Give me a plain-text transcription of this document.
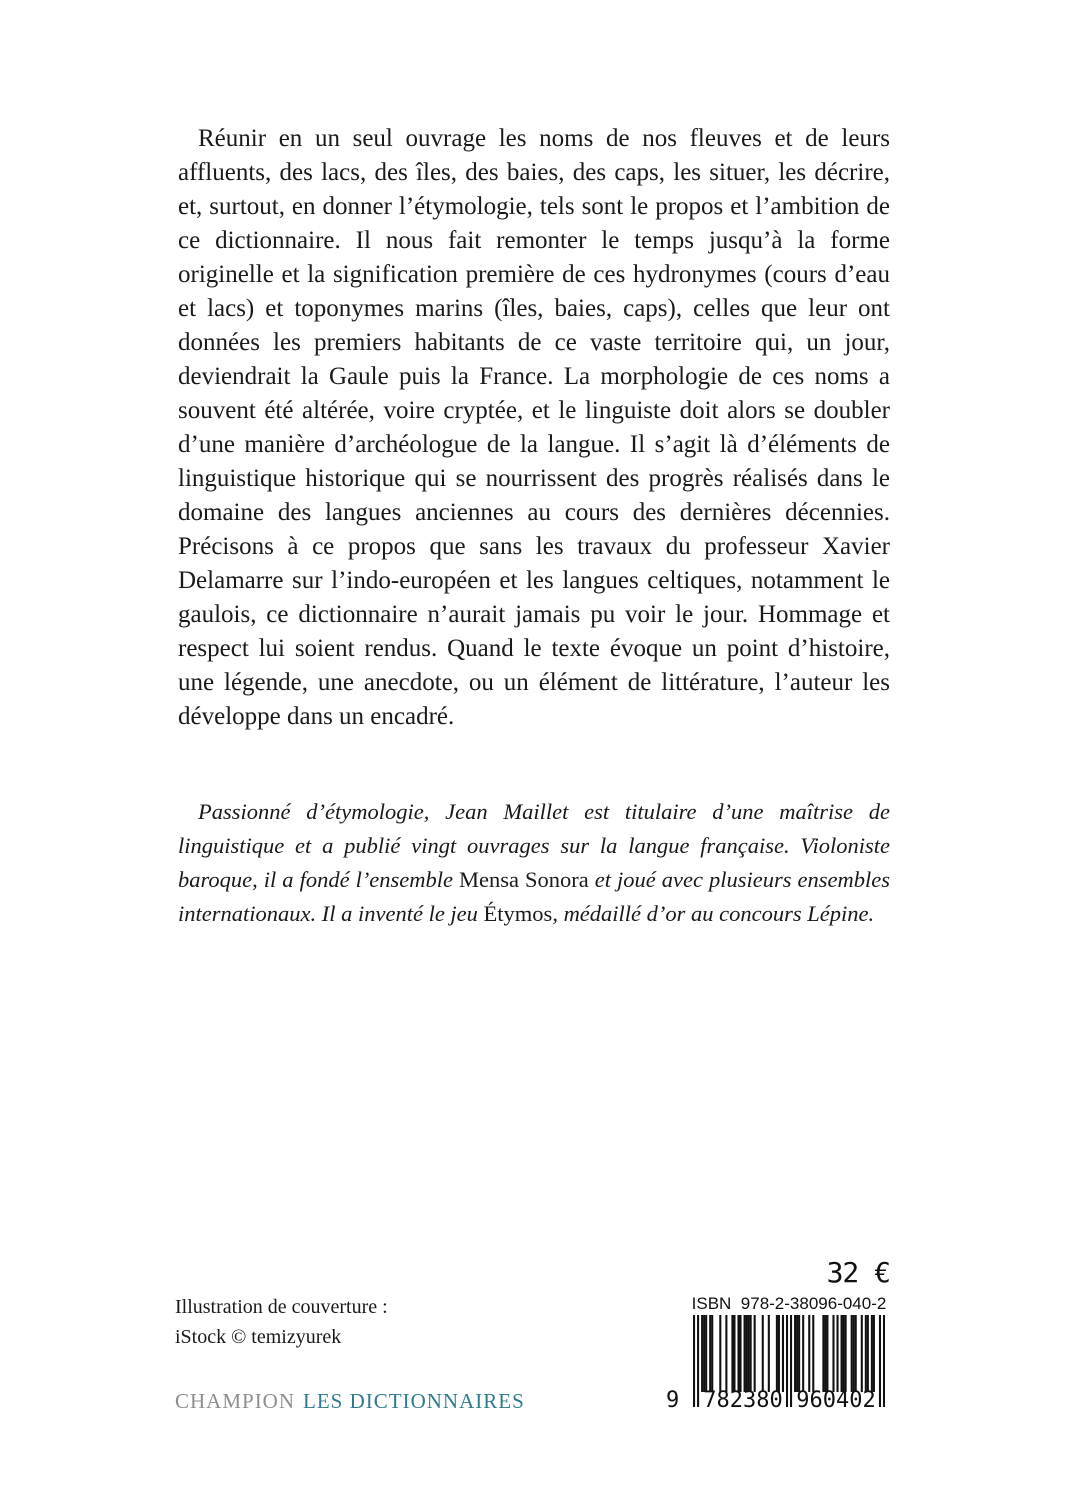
Réunir en un seul ouvrage les noms de nos fleuves et de leurs affluents, des lacs, des îles, des baies, des caps, les situer, les décrire, et, surtout, en donner l’étymologie, tels sont le propos et l’ambition de ce dictionnaire. Il nous fait remonter le temps jusqu’à la forme originelle et la signification première de ces hydronymes (cours d’eau et lacs) et toponymes marins (îles, baies, caps), celles que leur ont données les premiers habitants de ce vaste territoire qui, un jour, deviendrait la Gaule puis la France. La morphologie de ces noms a souvent été altérée, voire cryptée, et le linguiste doit alors se doubler d’une manière d’archéologue de la langue. Il s’agit là d’éléments de linguistique historique qui se nourrissent des progrès réalisés dans le domaine des langues anciennes au cours des dernières décennies. Précisons à ce propos que sans les travaux du professeur Xavier Delamarre sur l’indo-européen et les langues celtiques, notamment le gaulois, ce dictionnaire n’aurait jamais pu voir le jour. Hommage et respect lui soient rendus. Quand le texte évoque un point d’histoire, une légende, une anecdote, ou un élément de littérature, l’auteur les développe dans un encadré.

Passionné d’étymologie, Jean Maillet est titulaire d’une maîtrise de linguistique et a publié vingt ouvrages sur la langue française. Violoniste baroque, il a fondé l’ensemble Mensa Sonora et joué avec plusieurs ensembles internationaux. Il a inventé le jeu Étymos, médaillé d’or au concours Lépine.

32 €
ISBN  978-2-38096-040-2
9 782380 960402
Illustration de couverture :
iStock © temizyurek
CHAMPION LES DICTIONNAIRES
